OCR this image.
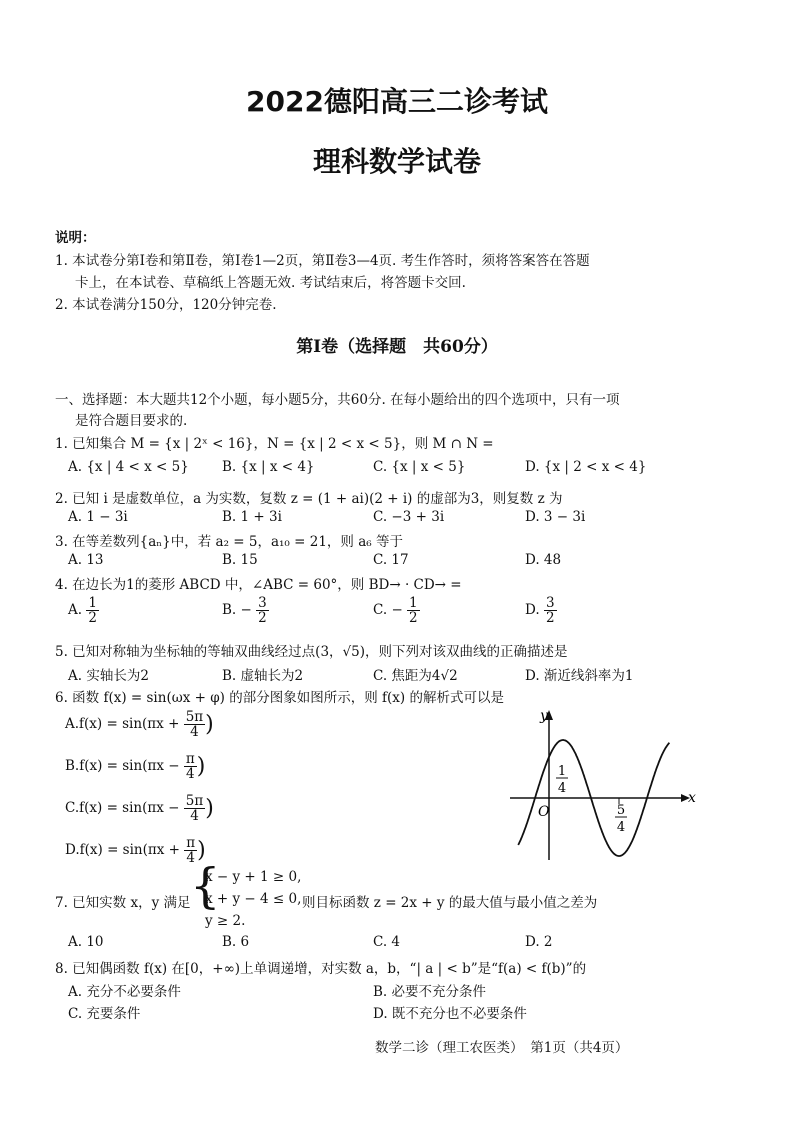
2022德阳高三二诊考试
理科数学试卷
说明：
1. 本试卷分第Ⅰ卷和第Ⅱ卷，第Ⅰ卷1—2页，第Ⅱ卷3—4页. 考生作答时，须将答案答在答题
卡上，在本试卷、草稿纸上答题无效. 考试结束后，将答题卡交回.
2. 本试卷满分150分，120分钟完卷.
第Ⅰ卷（选择题　共60分）
一、选择题：本大题共12个小题，每小题5分，共60分. 在每小题给出的四个选项中，只有一项
是符合题目要求的.
1. 已知集合 M = {x | 2ˣ < 16}，N = {x | 2 < x < 5}，则 M ∩ N =
A. {x | 4 < x < 5} B. {x | x < 4}	C. {x | x < 5}	D. {x | 2 < x < 4}
2. 已知 i 是虚数单位，a 为实数，复数 z = (1 + ai)(2 + i) 的虚部为3，则复数 z 为
A. 1 − 3i	B. 1 + 3i	C. −3 + 3i	D. 3 − 3i
3. 在等差数列{aₙ}中，若 a₂ = 5，a₁₀ = 21，则 a₆ 等于
A. 13	B. 15	C. 17	D. 48
4. 在边长为1的菱形 ABCD 中，∠ABC = 60°，则 BD→ · CD→ =
A. $\frac{1}{2}$	B. − $\frac{3}{2}$	C. − $\frac{1}{2}$	D. $\frac{3}{2}$
5. 已知对称轴为坐标轴的等轴双曲线经过点(3，√5)，则下列对该双曲线的正确描述是
A. 实轴长为2	B. 虚轴长为2	C. 焦距为4√2	D. 渐近线斜率为1
6. 函数 f(x) = sin(ωx + φ) 的部分图象如图所示，则 f(x) 的解析式可以是
$A.f(x) = \sin(\pi x + \frac{5\pi}{4}$ )
$B.f(x) = \sin(\pi x - \frac{\pi}{4}$ )
$C.f(x) = \sin(\pi x - \frac{5\pi}{4}$ )
$D.f(x) = \sin(\pi x + \frac{\pi}{4}$ )
y
x
O
1
4
5
4
7. 已知实数 x，y 满足 {
x − y + 1 ≥ 0,
x + y − 4 ≤ 0,
y ≥ 2.
则目标函数 z = 2x + y 的最大值与最小值之差为
A. 10	B. 6	C. 4	D. 2
8. 已知偶函数 f(x) 在[0，+∞)上单调递增，对实数 a，b，“| a | < b”是“f(a) < f(b)”的
A. 充分不必要条件	B. 必要不充分条件
C. 充要条件	D. 既不充分也不必要条件
数学二诊（理工农医类）　第1页（共4页）
